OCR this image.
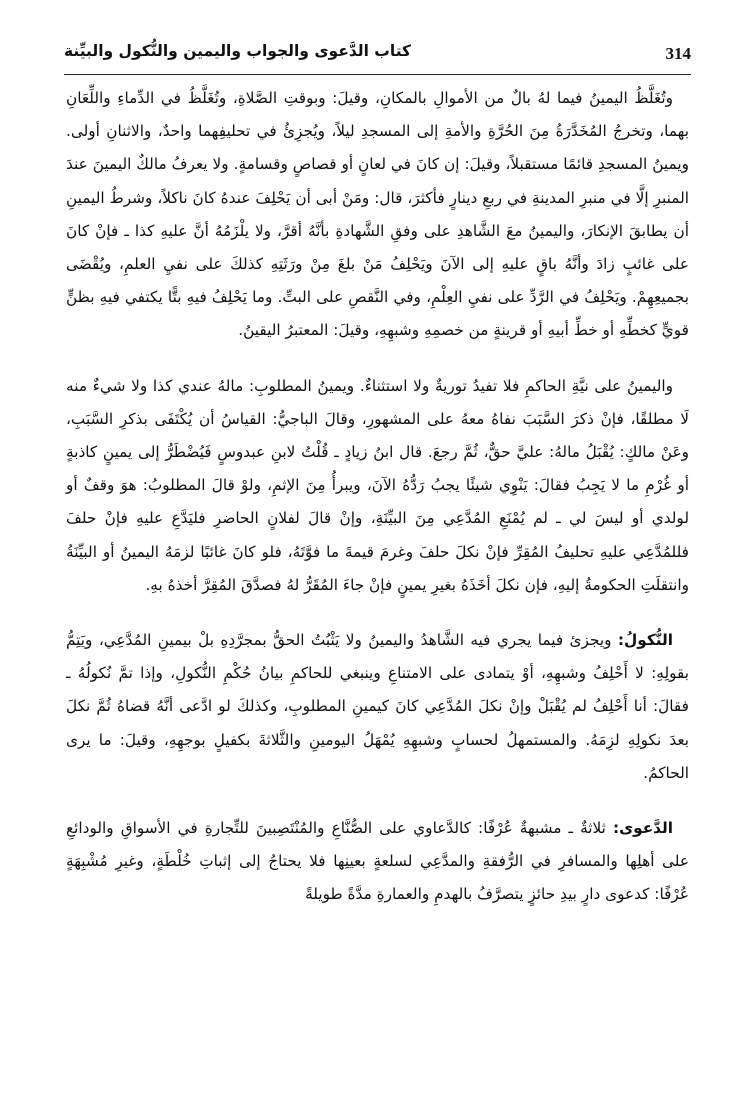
314
كتاب الدَّعوى والجواب واليمين والنُّكول والبيِّنة

وتُغَلَّظُ اليمينُ فيما لهُ بالٌ من الأموالِ بالمكانِ، وقيلَ: وبوقتِ الصَّلاةِ، وتُغَلَّظُ في الدِّماءِ واللِّعَانِ بهما، وتخرجُ المُخَدَّرَةُ مِنَ الحُرَّةِ والأمةِ إلى المسجدِ ليلاً، ويُجزِئُ في تحليفِهما واحدٌ، والاثنانِ أولى. ويمينُ المسجدِ قائمًا مستقبلاً، وقيلَ: إن كانَ في لعانٍ أو قصاصٍ وقسامةٍ. ولا يعرفُ مالكٌ اليمينَ عندَ المنبرِ إلَّا في منبرِ المدينةِ في ربعِ دينارٍ فأكثرَ، قال: ومَنْ أبى أن يَحْلِفَ عندهُ كانَ ناكلاً، وشرطُ اليمينِ أن يطابقَ الإنكارَ، واليمينُ معَ الشَّاهدِ على وفقِ الشَّهادةِ بأنَّهُ أقرَّ، ولا يلْزَمُهُ أنَّ عليهِ كذا ـ فإنْ كانَ على غائبٍ زادَ وأنَّهُ باقٍ عليهِ إلى الآنَ ويَحْلِفُ مَنْ بلغَ مِنْ ورَثَتِهِ كذلكَ على نفيِ العلمِ، ويُقْضَى بجميعِهِمْ. ويَحْلِفُ في الرَّدِّ على نفيِ العِلْمِ، وفي النَّقصِ على البتِّ. وما يَحْلِفُ فيهِ بتًّا يكتفي فيهِ بظنٍّ قويٍّ كخطِّهِ أو خطِّ أبيهِ أو قرينةٍ من خصمِهِ وشبهِهِ، وقيلَ: المعتبرُ اليقينُ.

واليمينُ على نيَّةِ الحاكمِ فلا تفيدُ توريةٌ ولا استثناءٌ. ويمينُ المطلوبِ: مالهُ عندي كذا ولا شيءٌ منه لَا مطلقًا، فإنْ ذكرَ السَّبَبَ نفاهُ معهُ على المشهورِ، وقالَ الباجيُّ: القياسُ أن يُكْتَفَى بذكرِ السَّبَبِ، وعَنْ مالكٍ: يُقْبَلُ مالهُ: عليَّ حقٌّ، ثُمَّ رجعَ. قال ابنُ زيادٍ ـ قُلْتُ لابنِ عبدوسٍ فَيُضْطَرُّ إلى يمينٍ كاذبةٍ أو غُرْمِ ما لا يَجِبُ فقالَ: يَنْوِي شيئًا يجبُ رَدُّهُ الآنَ، ويبرأُ مِنَ الإثمِ، ولوْ قالَ المطلوبُ: هوَ وقفٌ أو لولدي أو ليسَ لي ـ لم يُمْنَعِ المُدَّعِي مِنَ البيِّنَةِ، وإنْ قالَ لفلانٍ الحاضرِ فليَدَّعِ عليهِ فإنْ حلفَ فللمُدَّعِي عليهِ تحليفُ المُقِرِّ فإنْ نكلَ حلفَ وغرمَ قيمةَ ما فوَّتَهُ، فلو كانَ غائبًا لزمَهُ اليمينُ أو البيِّنَةُ وانتقلَتِ الحكومةُ إليهِ، فإن نكلَ أخَذَهُ بغيرِ يمينٍ فإنْ جاءَ المُقَرُّ لهُ فصدَّقَ المُقِرَّ أخذهُ بهِ.

النُّكولُ: ويجزئ فيما يجري فيه الشَّاهدُ واليمينُ ولا يَثْبُتُ الحقُّ بمجرَّدِهِ بلْ بيمينِ المُدَّعِي، ويَتِمُّ بقولِهِ: لا أَحْلِفُ وشبهِهِ، أوْ يتمادى على الامتناعِ وينبغي للحاكمِ بيانُ حُكْمِ النُّكولِ، وإذا تمَّ نُكولُهُ ـ فقالَ: أنا أَحْلِفُ لم يُقْبَلْ وإنْ نكلَ المُدَّعِي كانَ كيمينِ المطلوبِ، وكذلكَ لو ادَّعى أنَّهُ قضاهُ ثُمَّ نكلَ بعدَ نكولِهِ لزِمَهُ. والمستمهلُ لحسابٍ وشبهِهِ يُمْهَلُ اليومينِ والثَّلاثةَ بكفيلٍ بوجهِهِ، وقيلَ: ما يرى الحاكمُ.

الدَّعوى: ثلاثةٌ ـ مشبهةٌ عُرْفًا: كالدَّعاوي على الصُّنَّاعِ والمُنْتَصِبينَ للتِّجارةِ في الأسواقِ والودائعِ على أهلِها والمسافرِ في الرُّفقةِ والمدَّعِي لسلعةٍ بعينِها فلا يحتاجُ إلى إثباتِ خُلْطَةٍ، وغيرِ مُشْبِهَةٍ عُرْفًا: كدعوى دارٍ بيدِ حائزٍ يتصرَّفُ بالهدمِ والعمارةِ مدَّةً طويلةً
